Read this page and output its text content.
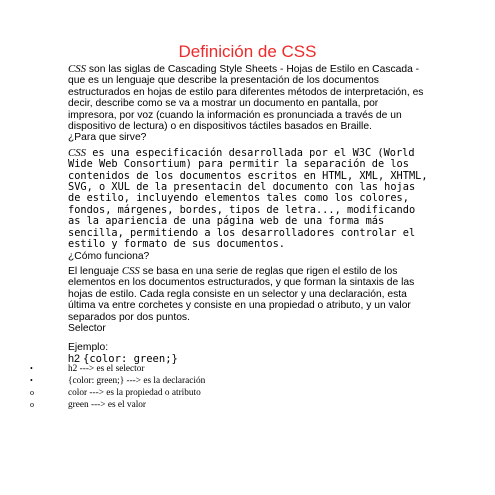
Definición de CSS

CSS son las siglas de Cascading Style Sheets - Hojas de Estilo en Cascada - que es un lenguaje que describe la presentación de los documentos estructurados en hojas de estilo para diferentes métodos de interpretación, es decir, describe como se va a mostrar un documento en pantalla, por impresora, por voz (cuando la información es pronunciada a través de un dispositivo de lectura) o en dispositivos táctiles basados en Braille.

¿Para que sirve?

CSS es una especificación desarrollada por el W3C (World Wide Web Consortium) para permitir la separación de los contenidos de los documentos escritos en HTML, XML, XHTML, SVG, o XUL de la presentacin del documento con las hojas de estilo, incluyendo elementos tales como los colores, fondos, márgenes, bordes, tipos de letra..., modificando as la apariencia de una página web de una forma más sencilla, permitiendo a los desarrolladores controlar el estilo y formato de sus documentos.

¿Cómo funciona?

El lenguaje CSS se basa en una serie de reglas que rigen el estilo de los elementos en los documentos estructurados, y que forman la sintaxis de las hojas de estilo. Cada regla consiste en un selector y una declaración, esta última va entre corchetes y consiste en una propiedad o atributo, y un valor separados por dos puntos.

Selector

Ejemplo:

h2 {color: green;}

•	h2 ---> es el selector
•	{color: green;} ---> es la declaración
o	color ---> es la propiedad o atributo
o	green ---> es el valor
